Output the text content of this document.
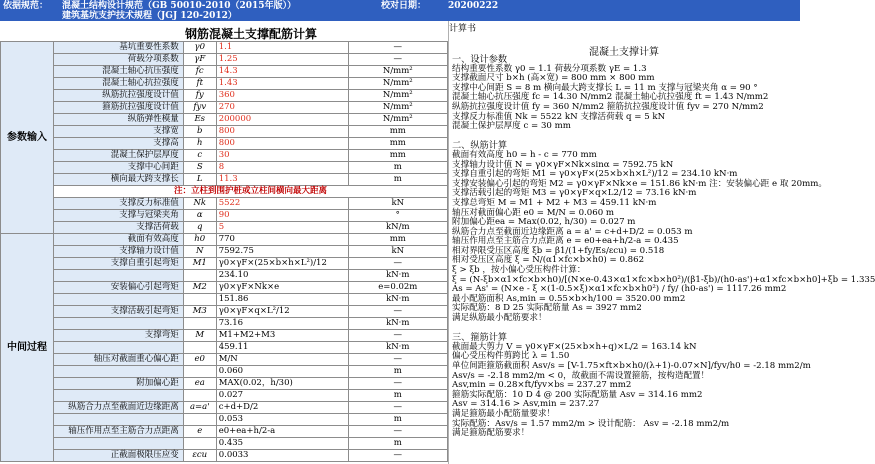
依据规范： 混凝土结构设计规范（GB 50010-2010（2015年版））
建筑基坑支护技术规程（JGJ 120-2012）
校对日期： 20200222
钢筋混凝土支撑配筋计算
参数输入	基坑重要性系数	γ0	1.1	—
	荷载分项系数	γF	1.25	—
	混凝土轴心抗压强度	fc	14.3	N/mm²
	混凝土轴心抗拉强度	ft	1.43	N/mm²
	纵筋抗拉强度设计值	fy	360	N/mm²
	箍筋抗拉强度设计值	fyv	270	N/mm²
	纵筋弹性模量	Es	200000	N/mm²
	支撑宽	b	800	mm
	支撑高	h	800	mm
	混凝土保护层厚度	c	30	mm
	支撑中心间距	S	8	m
	横向最大跨支撑长	L	11.3	m
	注：立柱到围护桩或立柱间横向最大距离			
	支撑反力标准值	Nk	5522	kN
	支撑与冠梁夹角	α	90	°
	支撑活荷载	q	5	kN/m
中间过程	截面有效高度	h0	770	mm
	支撑轴力设计值	N	7592.75	kN
	支撑自重引起弯矩	M1	γ0×γF×(25×b×h×L²)/12	—
			234.10	kN·m
	安装偏心引起弯矩	M2	γ0×γF×Nk×e	e=0.02m
			151.86	kN·m
	支撑活载引起弯矩	M3	γ0×γF×q×L²/12	—
			73.16	kN·m
	支撑弯矩	M	M1+M2+M3	—
			459.11	kN·m
	轴压对截面重心偏心距	e0	M/N	—
			0.060	m
	附加偏心距	ea	MAX(0.02，h/30)	—
			0.027	m
	纵筋合力点至截面近边缘距离	a=a'	c+d+D/2	—
			0.053	m
	轴压作用点至主筋合力点距离	e	e0+ea+h/2-a	—
			0.435	m
	正截面极限压应变	εcu	0.0033	—
计算书
混凝土支撑计算
一、设计参数
结构重要性系数 γ0 = 1.1 荷载分项系数 γE = 1.3
支撑截面尺寸 b×h (高×宽) = 800 mm × 800 mm
支撑中心间距 S = 8 m 横向最大跨支撑长 L = 11 m 支撑与冠梁夹角 α = 90 °
混凝土轴心抗压强度 fc = 14.30 N/mm2 混凝土轴心抗拉强度 ft = 1.43 N/mm2
纵筋抗拉强度设计值 fy = 360 N/mm2 箍筋抗拉强度设计值 fyv = 270 N/mm2
支撑反力标准值 Nk = 5522 kN 支撑活荷载 q = 5 kN
混凝土保护层厚度 c = 30 mm
二、纵筋计算
截面有效高度 h0 = h - c = 770 mm
支撑轴力设计值 N = γ0×γF×Nk×sinα = 7592.75 kN
支撑自重引起的弯矩 M1 = γ0×γF×(25×b×h×L²)/12 = 234.10 kN·m
支撑安装偏心引起的弯矩 M2 = γ0×γF×Nk×e = 151.86 kN·m 注：安装偏心距 e 取 20mm。
支撑活载引起的弯矩 M3 = γ0×γF×q×L2/12 = 73.16 kN·m
支撑总弯矩 M = M1 + M2 + M3 = 459.11 kN·m
轴压对截面偏心距 e0 = M/N = 0.060 m
附加偏心距ea = Max(0.02, h/30) = 0.027 m
纵筋合力点至截面近边缘距离 a = a' = c+d+D/2 = 0.053 m
轴压作用点至主筋合力点距离 e = e0+ea+h/2-a = 0.435
相对界限受压区高度 ξb = β1/(1+fy/Es/εcu) = 0.518
相对受压区高度 ξ = N/(α1×fc×b×h0) = 0.862
ξ > ξb ，按小偏心受压构件计算：
ξ = (N-ξb×α1×fc×b×h0)/[(N×e-0.43×α1×fc×b×h0²)/(β1-ξb)/(h0-as')+α1×fc×b×h0]+ξb = 1.335
As = As' = (N×e - ξ ×(1-0.5×ξ)×α1×fc×b×h0²) / fy/ (h0-as') = 1117.26 mm2
最小配筋面积 As,min = 0.55×b×h/100 = 3520.00 mm2
实际配筋：8 D 25 实际配筋量 As = 3927 mm2
满足纵筋最小配筋要求！
三、箍筋计算
截面最大剪力 V = γ0×γF×(25×b×h+q)×L/2 = 163.14 kN
偏心受压构件剪跨比 λ = 1.50
单位间距箍筋截面积 Asv/s = [V-1.75×ft×b×h0/(λ+1)-0.07×N]/fyv/h0 = -2.18 mm2/m
Asv/s = -2.18 mm2/m < 0，故截面不需设置箍筋，按构造配置！
Asv,min = 0.28×ft/fyv×bs = 237.27 mm2
箍筋实际配筋：10 D 4 @ 200 实际配筋量 Asv = 314.16 mm2
Asv = 314.16 > Asv,min = 237.27
满足箍筋最小配筋量要求！
实际配筋：Asv/s = 1.57 mm2/m > 设计配筋： Asv = -2.18 mm2/m
满足箍筋配筋要求！
